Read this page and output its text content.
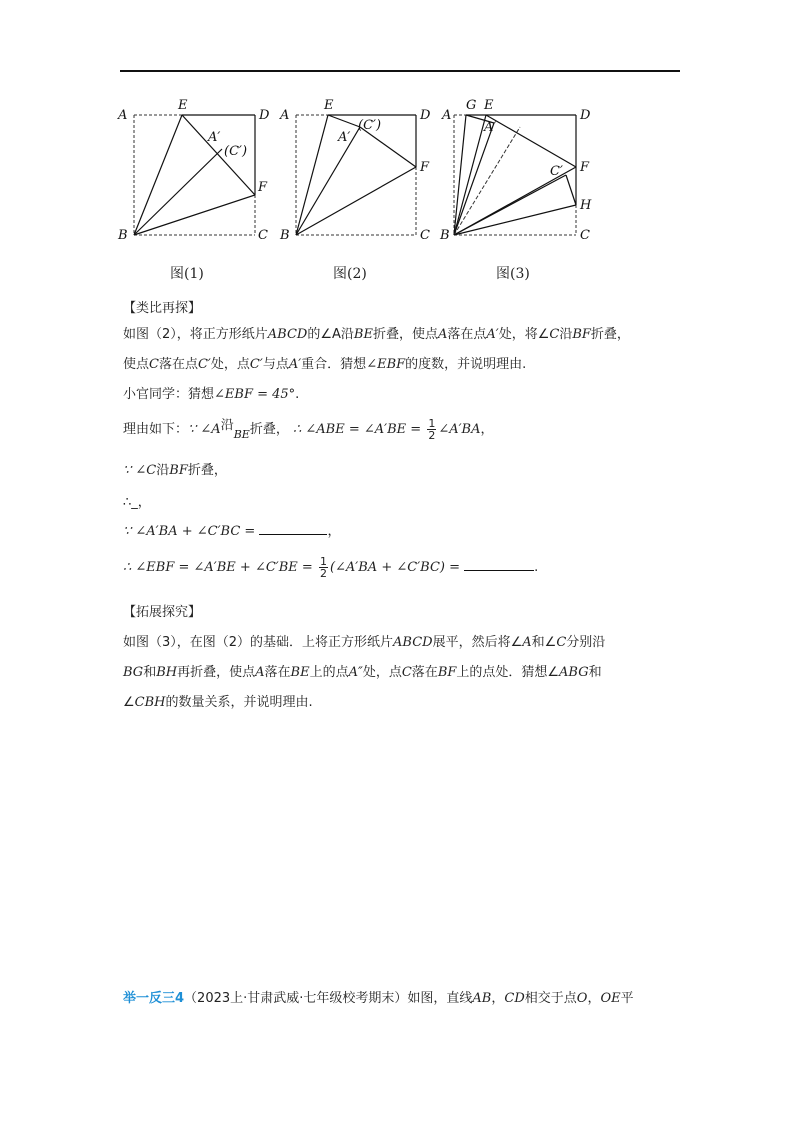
A
E
D
A′
(C′)
F
B	C
A
E
D
(C′)
A′
F
B	C
A
G E
D
A′
C′ F
H
B	C
图(1)	图(2)	图(3)
【类比再探】
如图（2），将正方形纸片ABCD的∠A沿BE折叠，使点A落在点A′处，将∠C沿BF折叠，
使点C落在点C′处，点C′与点A′重合．猜想∠EBF的度数，并说明理由.
小官同学：猜想∠EBF = 45°.
理由如下：∵ ∠A沿$_{BE}$折叠， ∴ ∠ABE = ∠A′BE = $\frac{1}{2}$ ∠A′BA，
∵ ∠C沿BF折叠，
∴_，
∵ ∠A′BA + ∠C′BC =	，
∴ ∠EBF = ∠A′BE + ∠C′BE = $\frac{1}{2}$ (∠A′BA + ∠C′BC) =	.
【拓展探究】
如图（3），在图（2）的基础．上将正方形纸片ABCD展平，然后将∠A和∠C分别沿
BG和BH再折叠，使点A落在BE上的点A″处，点C落在BF上的点处．猜想∠ABG和
∠CBH的数量关系，并说明理由.
举一反三4（2023上·甘肃武威·七年级校考期末）如图，直线AB，CD相交于点O，OE平
